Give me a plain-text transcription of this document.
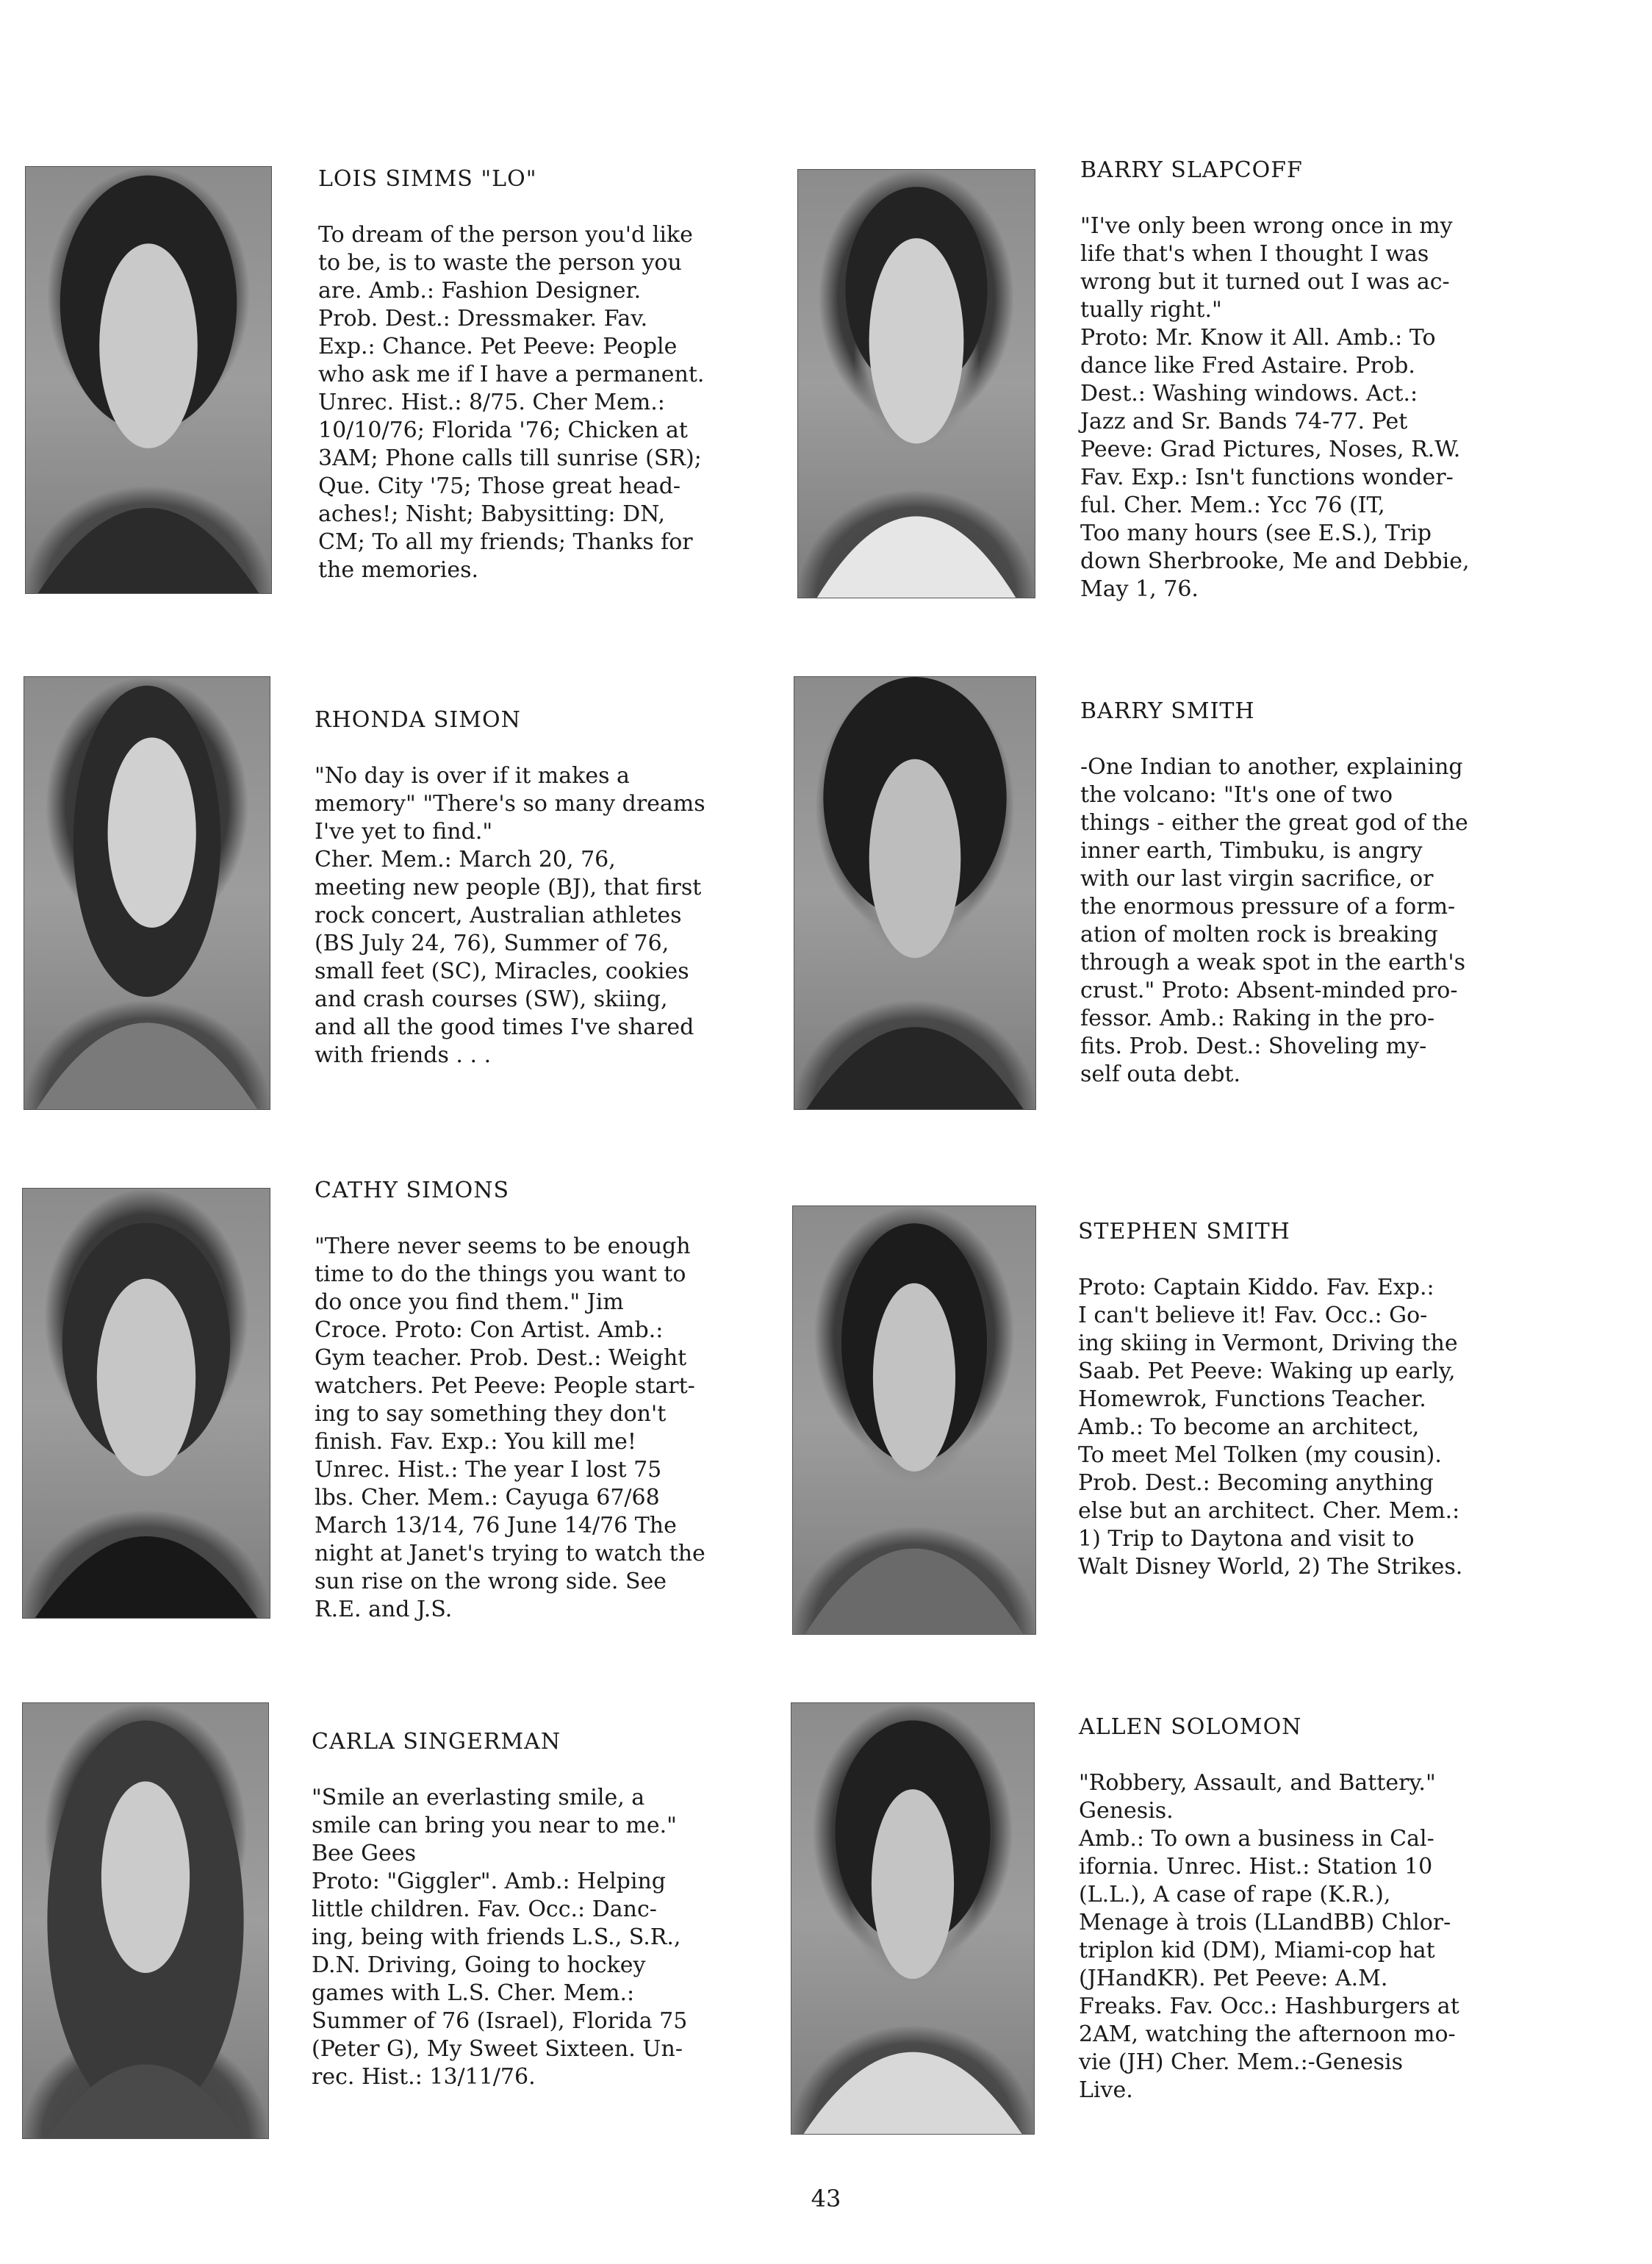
LOIS SIMMS "LO"
To dream of the person you'd like
to be, is to waste the person you
are. Amb.: Fashion Designer.
Prob. Dest.: Dressmaker. Fav.
Exp.: Chance. Pet Peeve: People
who ask me if I have a permanent.
Unrec. Hist.: 8/75. Cher Mem.:
10/10/76; Florida '76; Chicken at
3AM; Phone calls till sunrise (SR);
Que. City '75; Those great head-
aches!; Nisht; Babysitting: DN,
CM; To all my friends; Thanks for
the memories.
BARRY SLAPCOFF
"I've only been wrong once in my
life that's when I thought I was
wrong but it turned out I was ac-
tually right."
Proto: Mr. Know it All. Amb.: To
dance like Fred Astaire. Prob.
Dest.: Washing windows. Act.:
Jazz and Sr. Bands 74-77. Pet
Peeve: Grad Pictures, Noses, R.W.
Fav. Exp.: Isn't functions wonder-
ful. Cher. Mem.: Ycc 76 (IT,
Too many hours (see E.S.), Trip
down Sherbrooke, Me and Debbie,
May 1, 76.
RHONDA SIMON
"No day is over if it makes a
memory" "There's so many dreams
I've yet to find."
Cher. Mem.: March 20, 76,
meeting new people (BJ), that first
rock concert, Australian athletes
(BS July 24, 76), Summer of 76,
small feet (SC), Miracles, cookies
and crash courses (SW), skiing,
and all the good times I've shared
with friends . . .
BARRY SMITH
-One Indian to another, explaining
the volcano: "It's one of two
things - either the great god of the
inner earth, Timbuku, is angry
with our last virgin sacrifice, or
the enormous pressure of a form-
ation of molten rock is breaking
through a weak spot in the earth's
crust." Proto: Absent-minded pro-
fessor. Amb.: Raking in the pro-
fits. Prob. Dest.: Shoveling my-
self outa debt.
CATHY SIMONS
"There never seems to be enough
time to do the things you want to
do once you find them." Jim
Croce. Proto: Con Artist. Amb.:
Gym teacher. Prob. Dest.: Weight
watchers. Pet Peeve: People start-
ing to say something they don't
finish. Fav. Exp.: You kill me!
Unrec. Hist.: The year I lost 75
lbs. Cher. Mem.: Cayuga 67/68
March 13/14, 76 June 14/76 The
night at Janet's trying to watch the
sun rise on the wrong side. See
R.E. and J.S.
STEPHEN SMITH
Proto: Captain Kiddo. Fav. Exp.:
I can't believe it! Fav. Occ.: Go-
ing skiing in Vermont, Driving the
Saab. Pet Peeve: Waking up early,
Homewrok, Functions Teacher.
Amb.: To become an architect,
To meet Mel Tolken (my cousin).
Prob. Dest.: Becoming anything
else but an architect. Cher. Mem.:
1) Trip to Daytona and visit to
Walt Disney World, 2) The Strikes.
CARLA SINGERMAN
"Smile an everlasting smile, a
smile can bring you near to me."
Bee Gees
Proto: "Giggler". Amb.: Helping
little children. Fav. Occ.: Danc-
ing, being with friends L.S., S.R.,
D.N. Driving, Going to hockey
games with L.S. Cher. Mem.:
Summer of 76 (Israel), Florida 75
(Peter G), My Sweet Sixteen. Un-
rec. Hist.: 13/11/76.
ALLEN SOLOMON
"Robbery, Assault, and Battery."
Genesis.
Amb.: To own a business in Cal-
ifornia. Unrec. Hist.: Station 10
(L.L.), A case of rape (K.R.),
Menage à trois (LLandBB) Chlor-
triplon kid (DM), Miami-cop hat
(JHandKR). Pet Peeve: A.M.
Freaks. Fav. Occ.: Hashburgers at
2AM, watching the afternoon mo-
vie (JH) Cher. Mem.:-Genesis
Live.
43
